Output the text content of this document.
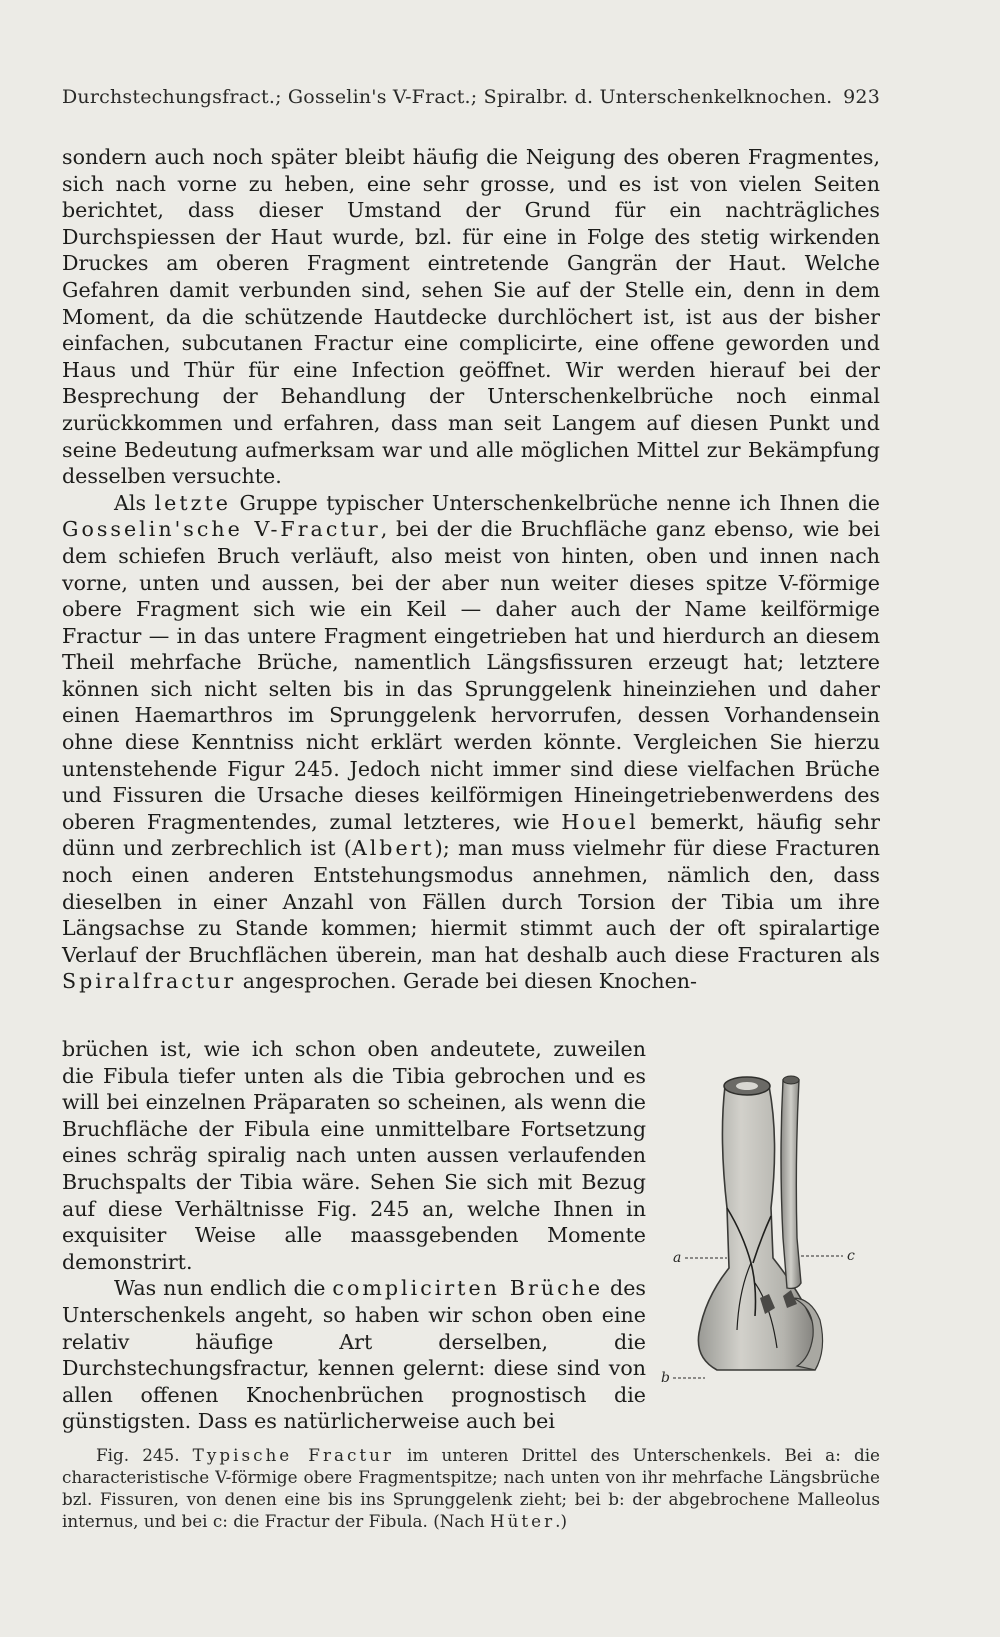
Durchstechungsfract.; Gosselin's V-Fract.; Spiralbr. d. Unterschenkelknochen. 923

sondern auch noch später bleibt häufig die Neigung des oberen Fragmentes, sich nach vorne zu heben, eine sehr grosse, und es ist von vielen Seiten berichtet, dass dieser Umstand der Grund für ein nachträgliches Durchspiessen der Haut wurde, bzl. für eine in Folge des stetig wirkenden Druckes am oberen Fragment eintretende Gangrän der Haut. Welche Gefahren damit verbunden sind, sehen Sie auf der Stelle ein, denn in dem Moment, da die schützende Hautdecke durchlöchert ist, ist aus der bisher einfachen, subcutanen Fractur eine complicirte, eine offene geworden und Haus und Thür für eine Infection geöffnet. Wir werden hierauf bei der Besprechung der Behandlung der Unterschenkelbrüche noch einmal zurückkommen und erfahren, dass man seit Langem auf diesen Punkt und seine Bedeutung aufmerksam war und alle möglichen Mittel zur Bekämpfung desselben versuchte.

Als letzte Gruppe typischer Unterschenkelbrüche nenne ich Ihnen die Gosselin'sche V-Fractur, bei der die Bruchfläche ganz ebenso, wie bei dem schiefen Bruch verläuft, also meist von hinten, oben und innen nach vorne, unten und aussen, bei der aber nun weiter dieses spitze V-förmige obere Fragment sich wie ein Keil — daher auch der Name keilförmige Fractur — in das untere Fragment eingetrieben hat und hierdurch an diesem Theil mehrfache Brüche, namentlich Längsfissuren erzeugt hat; letztere können sich nicht selten bis in das Sprunggelenk hineinziehen und daher einen Haemarthros im Sprunggelenk hervorrufen, dessen Vorhandensein ohne diese Kenntniss nicht erklärt werden könnte. Vergleichen Sie hierzu untenstehende Figur 245. Jedoch nicht immer sind diese vielfachen Brüche und Fissuren die Ursache dieses keilförmigen Hineingetriebenwerdens des oberen Fragmentendes, zumal letzteres, wie Houel bemerkt, häufig sehr dünn und zerbrechlich ist (Albert); man muss vielmehr für diese Fracturen noch einen anderen Entstehungsmodus annehmen, nämlich den, dass dieselben in einer Anzahl von Fällen durch Torsion der Tibia um ihre Längsachse zu Stande kommen; hiermit stimmt auch der oft spiralartige Verlauf der Bruchflächen überein, man hat deshalb auch diese Fracturen als Spiralfractur angesprochen. Gerade bei diesen Knochen-

brüchen ist, wie ich schon oben andeutete, zuweilen die Fibula tiefer unten als die Tibia gebrochen und es will bei einzelnen Präparaten so scheinen, als wenn die Bruchfläche der Fibula eine unmittelbare Fortsetzung eines schräg spiralig nach unten aussen verlaufenden Bruchspalts der Tibia wäre. Sehen Sie sich mit Bezug auf diese Verhältnisse Fig. 245 an, welche Ihnen in exquisiter Weise alle maassgebenden Momente demonstrirt.

Was nun endlich die complicirten Brüche des Unterschenkels angeht, so haben wir schon oben eine relativ häufige Art derselben, die Durchstechungsfractur, kennen gelernt: diese sind von allen offenen Knochenbrüchen prognostisch die günstigsten. Dass es natürlicherweise auch bei

a	c
b

Fig. 245. Typische Fractur im unteren Drittel des Unterschenkels. Bei a: die characteristische V-förmige obere Fragmentspitze; nach unten von ihr mehrfache Längsbrüche bzl. Fissuren, von denen eine bis ins Sprunggelenk zieht; bei b: der abgebrochene Malleolus internus, und bei c: die Fractur der Fibula. (Nach Hüter.)
